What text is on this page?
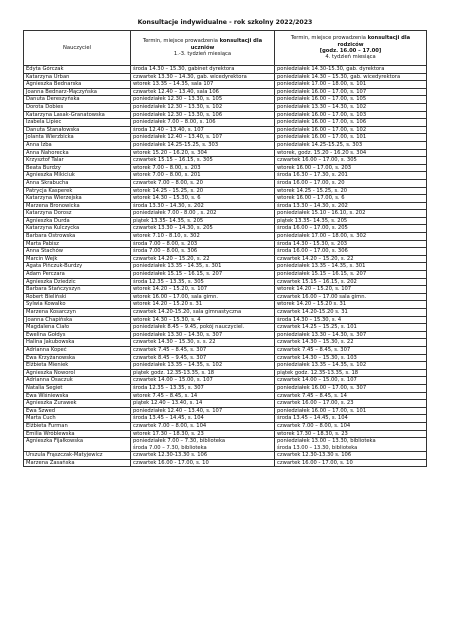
Konsultacje indywidualne - rok szkolny 2022/2023
Nauczyciel	Termin, miejsce prowadzenia konsultacji dla uczniów
1.-3. tydzień miesiąca	Termin, miejsce prowadzenia konsultacji dla rodziców
[godz. 16.00 – 17.00]
4. tydzień miesiąca
Edyta Górczak	środa 14.30 – 15.30, gabinet dyrektora	poniedziałek 14.30-15.30, gab. dyrektora
Katarzyna Urban	czwartek 13.30 – 14.30, gab. wicedyrektora	poniedziałek 14.30 – 15.30, gab. wicedyrektora
Agnieszka Bednarska	wtorek 13.35 – 14.35, sala 107	poniedziałek 17.00 – 18.00, s. 101
Joanna Bednarz-Mączyńska	czwartek 12.40 – 13.40, sala 106	poniedziałek 16.00 – 17.00, s. 107
Danuta Dereszyńska	poniedziałek 12.30 – 13.30, s. 105	poniedziałek 16.00 – 17.00, s. 105
Dorota Dobies	poniedziałek 12.30 – 13.30, s. 102	poniedziałek 13.30 – 14.30, s. 102
Katarzyna Lasak-Granatowska	poniedziałek 12.30 – 13.30, s. 106	poniedziałek 16.00 – 17.00, s. 103
Izabela Lipiec	poniedziałek 7.00 – 8.00, s. 106	poniedziałek 16.00 – 17.00, s. 106
Danuta Stanałowska	środa 12.40 – 13.40, s. 107	poniedziałek 16.00 – 17.00, s. 102
Jolanta Wierzbicka	poniedziałek 12.40 – 13.40, s. 107	poniedziałek 16.00 – 17.00, s. 101
Anna Izba	poniedziałek 14.25-15.25, s. 303	poniedziałek 14.25-15.25, s. 303
Anna Nahorecka	wtorek 15.20 – 16.20, s. 304	wtorek, godz. 15.20 - 16.20 s. 304
Krzysztof Talar	czwartek 15.15 – 16.15, s. 305	czwartek 16.00 – 17.00, s. 305
Beata Burdzy	wtorek 7.00 – 8.00, s. 203	wtorek 16.00 – 17.00, s. 203
Agnieszka Mikiciuk	wtorek 7.00 – 8.00, s. 201	środa 16.30 – 17.30, s. 201
Anna Skrabucha	czwartek 7.00 – 8.00, s. 20	środa 16.00 – 17.00, s. 20
Patrycja Kasperek	wtorek 14.25 - 15.25, s. 20	wtorek 14.25 - 15.25, s. 20
Katarzyna Wierzejska	wtorek 14.30 – 15.30, s. 6	wtorek 16.00 – 17.00, s. 6
Marzena Bronowicka	środa 13.30 – 14.30, s. 202	środa 13.30 – 14.30, s. 202
Katarzyna Dorosz	poniedziałek 7.00 - 8.00 , s. 202	poniedziałek 15.10 - 16.10, s. 202
Agnieszka Durda	piątek 13.35- 14.35, s. 205	piątek 13.35- 14.35, s. 205
Katarzyna Kulczycka	czwartek 13.30 – 14.30, s. 205	środa 16.00 – 17.00, s. 205
Barbara Ostrowska	wtorek 7.10 - 8.10, s. 302	poniedziałek 17.00 – 18.00, s. 302
Marta Pabisz	środa 7.00 – 8.00, s. 203	środa 14.30 - 15.30, s. 203
Anna Stachów	środa 7.00 – 8.00, s. 306	środa 16.00 – 17.00, s. 306
Marcin Wejk	czwartek 14.20 – 15.20, s. 22	czwartek 14.20 – 15.20, s. 22
Agata Pińczuk-Burdzy	poniedziałek 13.35 - 14.35, s. 301	poniedziałek 13.35 - 14.35, s. 301
Adam Perczara	poniedziałek 15.15 – 16.15, s. 207	poniedziałek 15.15 – 16.15, s. 207
Agnieszka Dziedzic	środa 12.35 – 13.35, s. 305	czwartek 15.15 – 16.15, s. 202
Barbara Stańczyszyn	wtorek 14.20 – 15.20, s. 107	wtorek 14.20 – 15.20, s. 107
Robert Bieliński	wtorek 16.00 – 17.00, sala gimn.	czwartek 16.00 – 17.00 sala gimn.
Sylwia Kowalko	wtorek 14.20 – 15.20 s. 31	wtorek 14.20 – 15.20 s. 31
Marzena Kosarczyn	czwartek 14.20-15.20, sala gimnastyczna	czwartek 14.20-15.20 s. 31
Joanna Chapińska	wtorek 14.30 – 15.30, s. 4	środa 14.30 – 15.30, s. 4
Magdalena Ciało	poniedziałek 8.45 – 9.45, pokój nauczyciel.	czwartek 14.25 – 15.25, s. 101
Ewelina Gołdys	poniedziałek 13.30 – 14.30, s. 307	poniedziałek 13.30 – 14.30, s. 307
Halina Jakubowska	czwartek 14.30 – 15.30, s. s. 22	czwartek 14.30 – 15.30, s. 22
Adrianna Kopeć	czwartek 7.45 – 8.45, s. 307	czwartek 7.45 – 8.45, s. 307
Ewa Krzyżanowska	czwartek 8.45 – 9.45, s. 307	czwartek 14.30 – 15.30, s. 103
Elżbieta Mieniek	poniedziałek 13.35 – 14.35, s. 102	poniedziałek 13.35 – 14.35, s. 102
Agnieszka Noworol	piątek godz. 12.35-13.35, s. 18	piątek godz. 12.35-13.35, s. 18
Adrianna Osaczuk	czwartek 14.00 – 15.00, s. 107	czwartek 14.00 – 15.00, s. 107
Natalia Segiet	środa 12.35 – 13.35, s. 307	poniedziałek 16.00 – 17.00, s. 307
Ewa Wiśniewska	wtorek 7.45 – 8.45, s. 14	czwartek 7.45 – 8.45, s. 14
Agnieszka Żurawek	piątek 12.40 – 13.40, s. 14	czwartek 16.00 – 17.00, s. 23
Ewa Szwed	poniedziałek 12.40 – 13.40, s. 107	poniedziałek 16.00 – 17.00, s. 101
Marta Cuch	środa 13.45 – 14.45, s. 104	środa 13.45 – 14.45, s. 104
Elżbieta Furman	czwartek 7.00 – 8.00, s. 104	czwartek 7.00 – 8.00, s. 104
Emilia Wróblewska	wtorek 17.30 – 18.30, s. 23	wtorek 17.30 – 18.30, s. 23
Agnieszka Fijałkowska	poniedziałek 7.00 – 7.30, biblioteka
środa 7.00 – 7.30, biblioteka	poniedziałek 13.00 – 13.30, biblioteka
środa 13.00 – 13.30, biblioteka
Urszula Frąszczak-Matyjewicz	czwartek 12.30-13.30 s. 106	czwartek 12.30-13.30 s. 106
Marzena Zasańska	czwartek 16.00 - 17.00, s. 10	czwartek 16.00 - 17.00, s. 10
